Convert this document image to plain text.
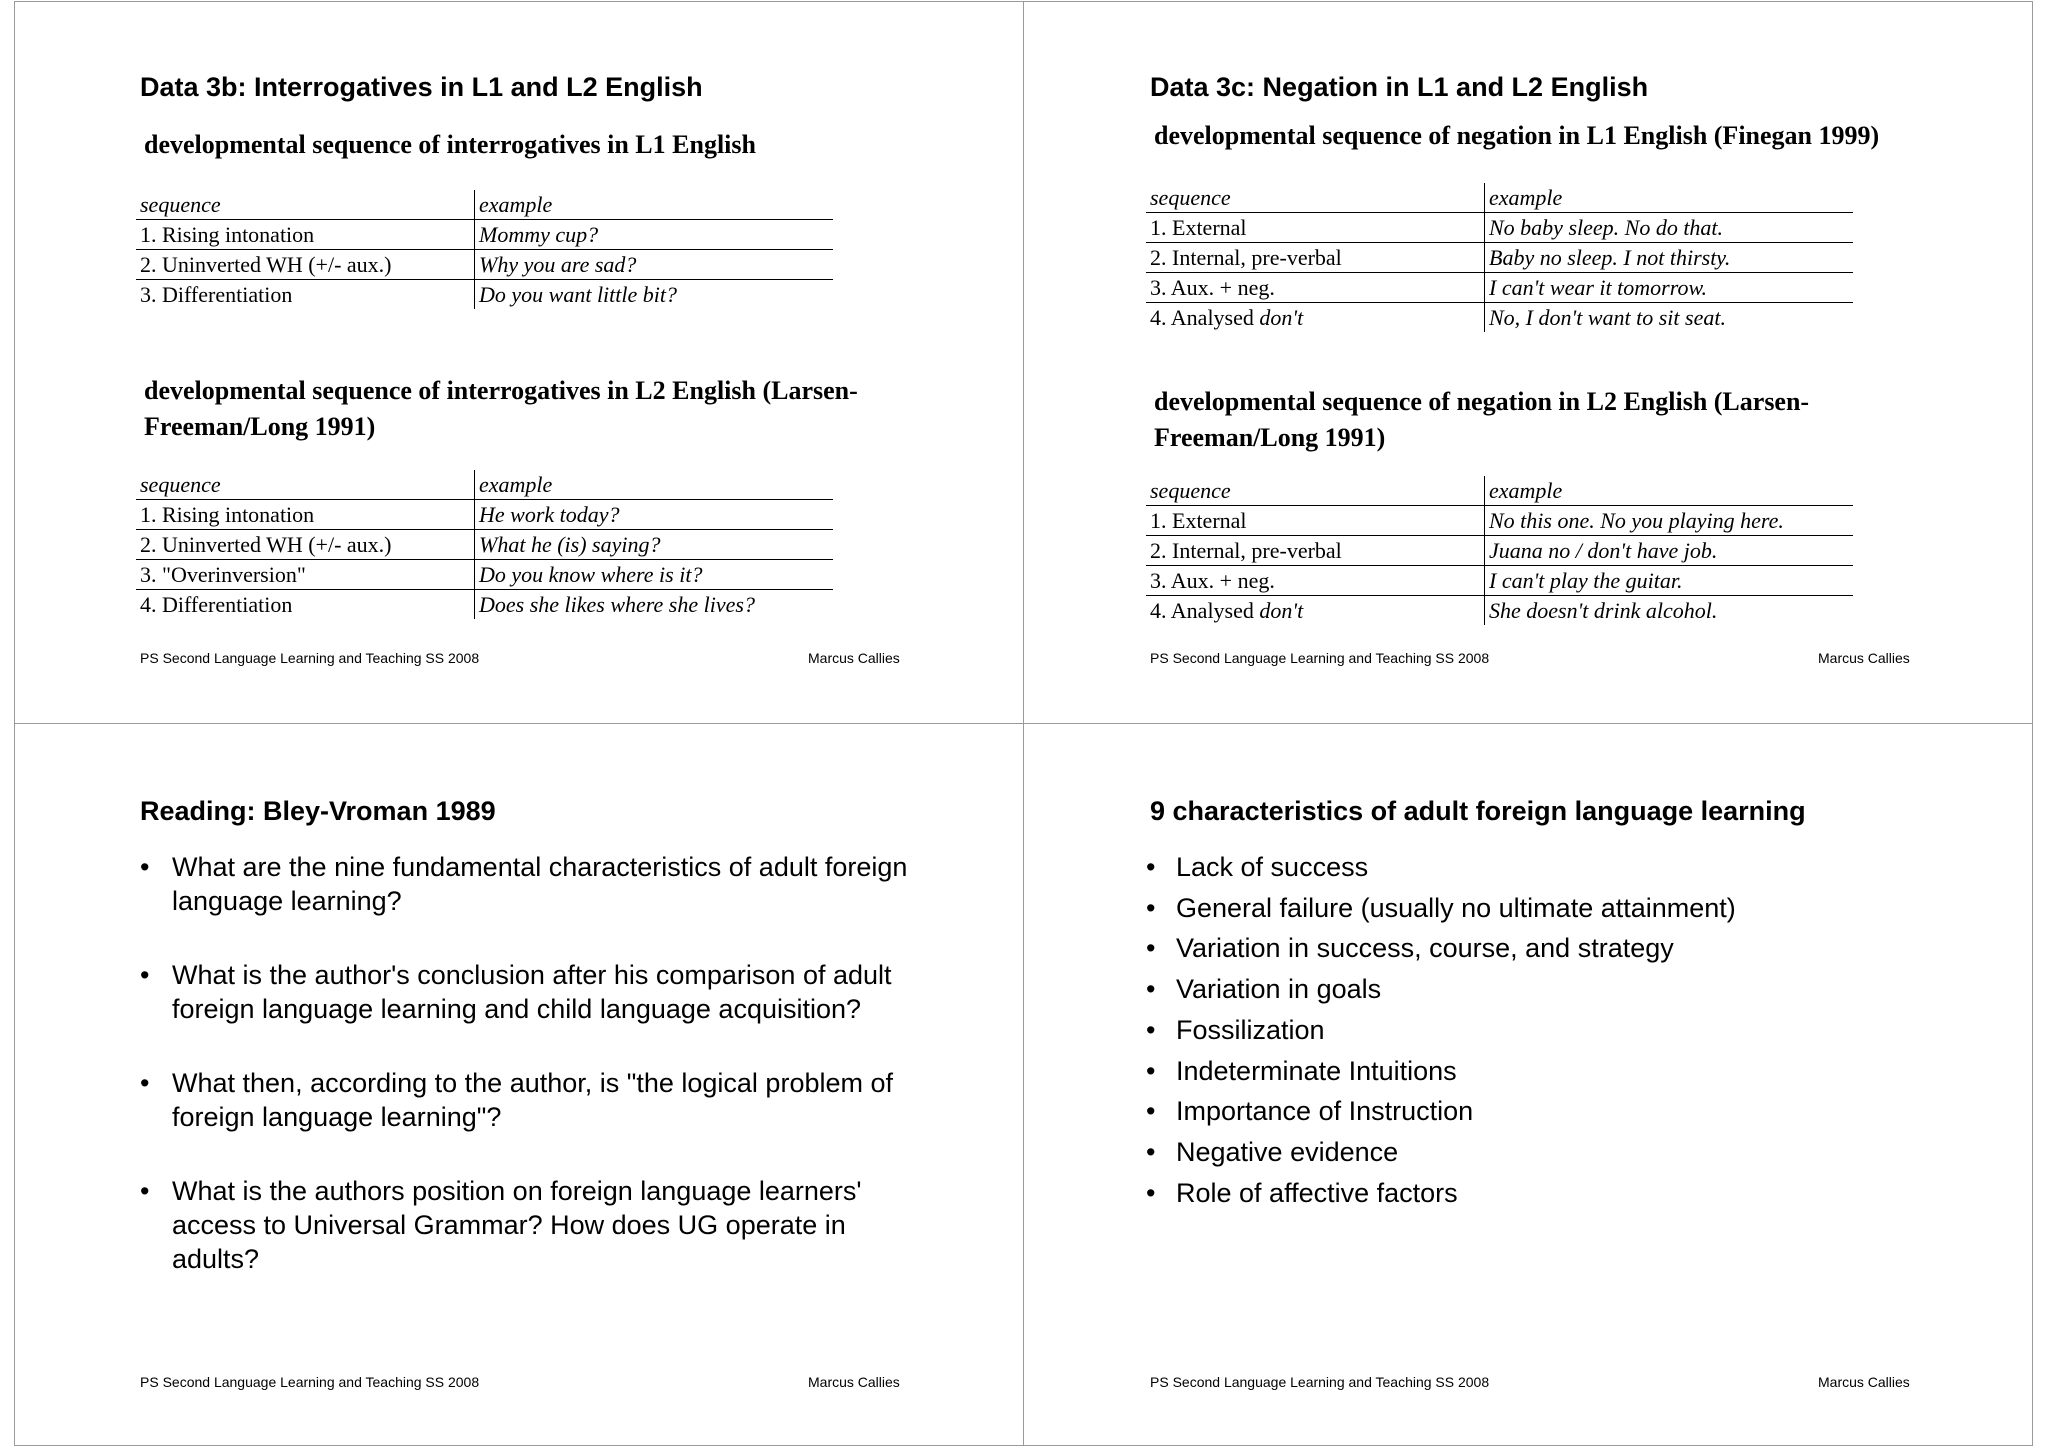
Data 3b: Interrogatives in L1 and L2 English
developmental sequence of interrogatives in L1 English
sequence	example
1. Rising intonation	Mommy cup?
2. Uninverted WH (+/- aux.)	Why you are sad?
3. Differentiation	Do you want little bit?
developmental sequence of interrogatives in L2 English (Larsen-Freeman/Long 1991)
sequence	example
1. Rising intonation	He work today?
2. Uninverted WH (+/- aux.)	What he (is) saying?
3. "Overinversion"	Do you know where is it?
4. Differentiation	Does she likes where she lives?
PS Second Language Learning and Teaching SS 2008	Marcus Callies
Data 3c: Negation in L1 and L2 English
developmental sequence of negation in L1 English (Finegan 1999)
sequence	example
1. External	No baby sleep. No do that.
2. Internal, pre-verbal	Baby no sleep. I not thirsty.
3. Aux. + neg.	I can't wear it tomorrow.
4. Analysed don't	No, I don't want to sit seat.
developmental sequence of negation in L2 English (Larsen-Freeman/Long 1991)
sequence	example
1. External	No this one. No you playing here.
2. Internal, pre-verbal	Juana no / don't have job.
3. Aux. + neg.	I can't play the guitar.
4. Analysed don't	She doesn't drink alcohol.
PS Second Language Learning and Teaching SS 2008	Marcus Callies
Reading: Bley-Vroman 1989
• What are the nine fundamental characteristics of adult foreign language learning?
• What is the author's conclusion after his comparison of adult foreign language learning and child language acquisition?
• What then, according to the author, is "the logical problem of foreign language learning"?
• What is the authors position on foreign language learners' access to Universal Grammar? How does UG operate in adults?
PS Second Language Learning and Teaching SS 2008	Marcus Callies
9 characteristics of adult foreign language learning
• Lack of success
• General failure (usually no ultimate attainment)
• Variation in success, course, and strategy
• Variation in goals
• Fossilization
• Indeterminate Intuitions
• Importance of Instruction
• Negative evidence
• Role of affective factors
PS Second Language Learning and Teaching SS 2008	Marcus Callies
